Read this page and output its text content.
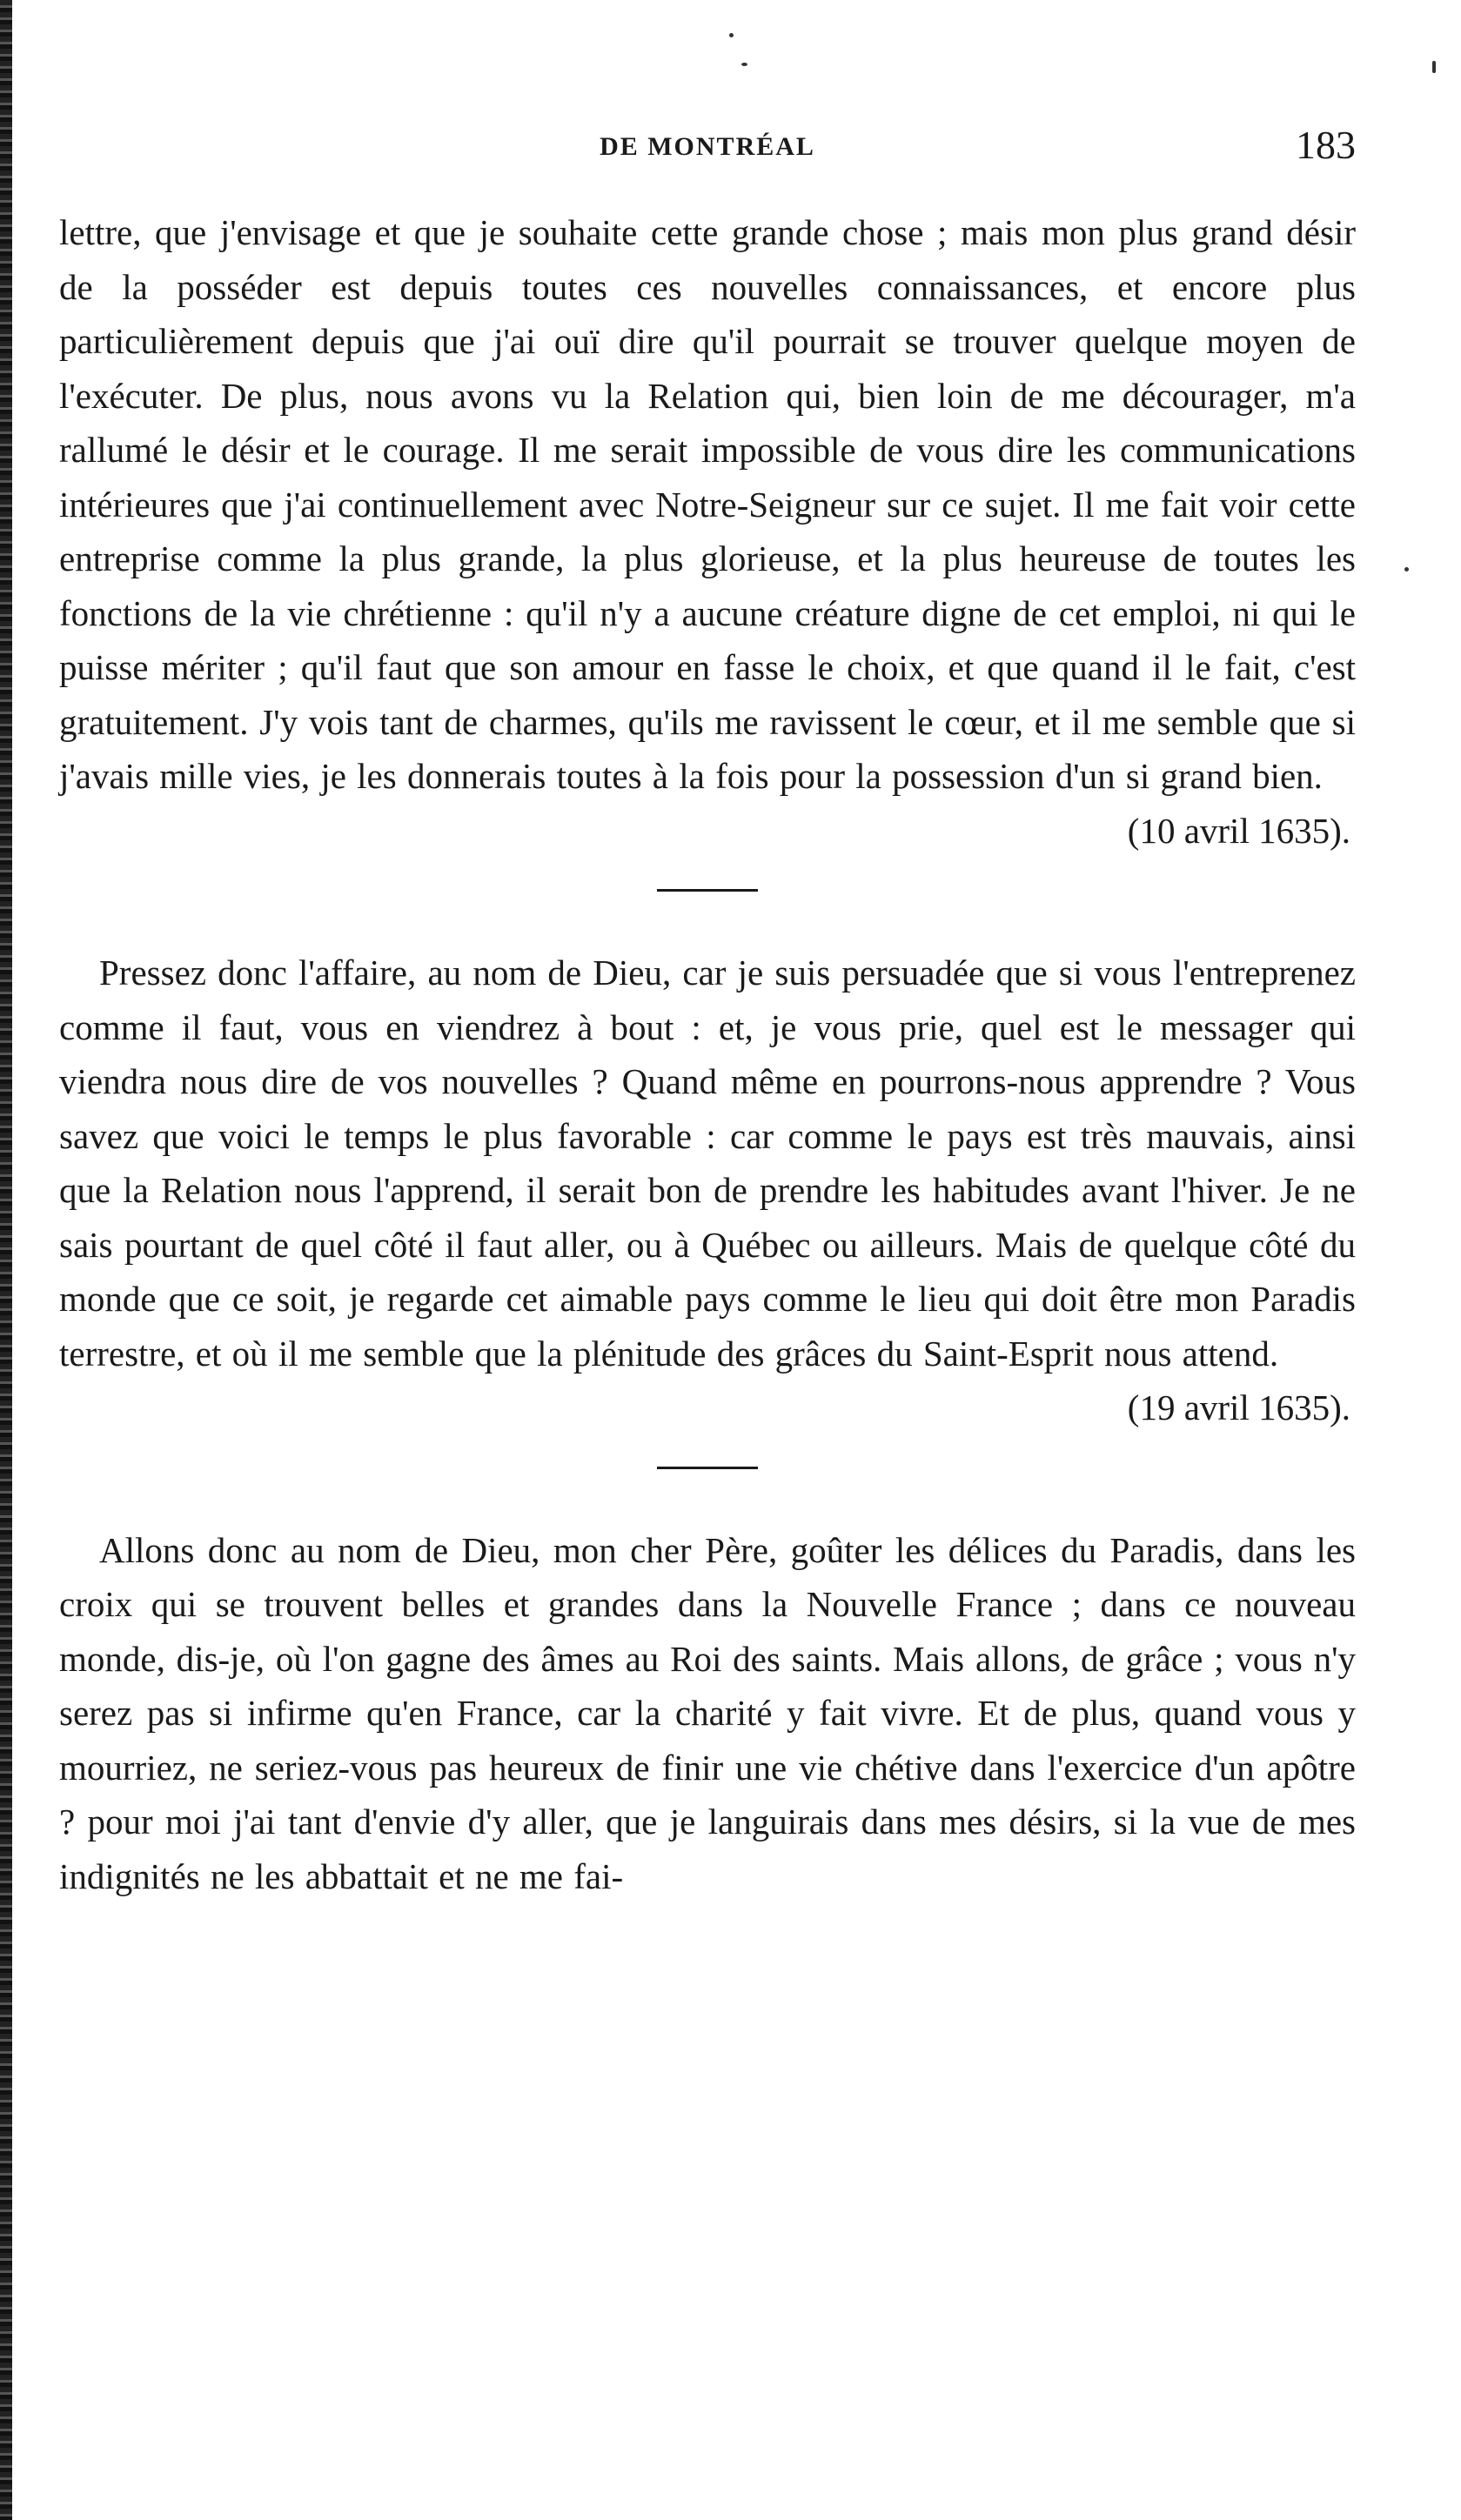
DE MONTRÉAL	183

lettre, que j'envisage et que je souhaite cette grande chose ; mais mon plus grand désir de la posséder est depuis toutes ces nouvelles connaissances, et encore plus particulièrement depuis que j'ai ouï dire qu'il pourrait se trouver quelque moyen de l'exécuter. De plus, nous avons vu la Relation qui, bien loin de me décourager, m'a rallumé le désir et le courage. Il me serait impossible de vous dire les communications intérieures que j'ai continuellement avec Notre-Seigneur sur ce sujet. Il me fait voir cette entreprise comme la plus grande, la plus glorieuse, et la plus heureuse de toutes les fonctions de la vie chrétienne : qu'il n'y a aucune créature digne de cet emploi, ni qui le puisse mériter ; qu'il faut que son amour en fasse le choix, et que quand il le fait, c'est gratuitement. J'y vois tant de charmes, qu'ils me ravissent le cœur, et il me semble que si j'avais mille vies, je les donnerais toutes à la fois pour la possession d'un si grand bien.

(10 avril 1635).

Pressez donc l'affaire, au nom de Dieu, car je suis persuadée que si vous l'entreprenez comme il faut, vous en viendrez à bout : et, je vous prie, quel est le messager qui viendra nous dire de vos nouvelles ? Quand même en pourrons-nous apprendre ? Vous savez que voici le temps le plus favorable : car comme le pays est très mauvais, ainsi que la Relation nous l'apprend, il serait bon de prendre les habitudes avant l'hiver. Je ne sais pourtant de quel côté il faut aller, ou à Québec ou ailleurs. Mais de quelque côté du monde que ce soit, je regarde cet aimable pays comme le lieu qui doit être mon Paradis terrestre, et où il me semble que la plénitude des grâces du Saint-Esprit nous attend.

(19 avril 1635).

Allons donc au nom de Dieu, mon cher Père, goûter les délices du Paradis, dans les croix qui se trouvent belles et grandes dans la Nouvelle France ; dans ce nouveau monde, dis-je, où l'on gagne des âmes au Roi des saints. Mais allons, de grâce ; vous n'y serez pas si infirme qu'en France, car la charité y fait vivre. Et de plus, quand vous y mourriez, ne seriez-vous pas heureux de finir une vie chétive dans l'exercice d'un apôtre ? pour moi j'ai tant d'envie d'y aller, que je languirais dans mes désirs, si la vue de mes indignités ne les abbattait et ne me fai-
